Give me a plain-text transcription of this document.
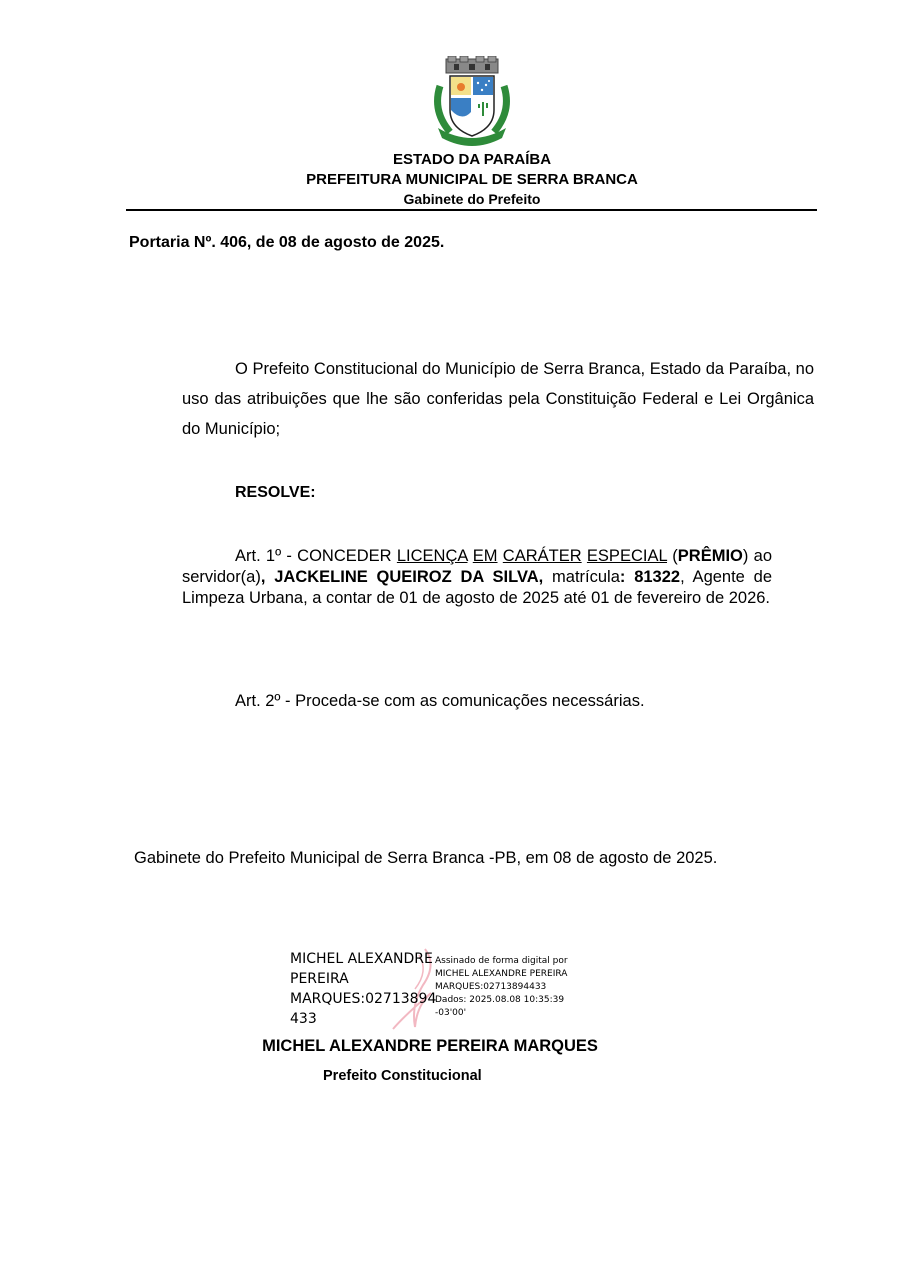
ESTADO DA PARAÍBA

PREFEITURA MUNICIPAL DE SERRA BRANCA

Gabinete do Prefeito

Portaria Nº. 406, de 08 de agosto de 2025.
O Prefeito Constitucional do Município de Serra Branca, Estado da Paraíba, no uso das atribuições que lhe são conferidas pela Constituição Federal e Lei Orgânica do Município;
RESOLVE:
Art. 1º - CONCEDER LICENÇA EM CARÁTER ESPECIAL (PRÊMIO) ao servidor(a), JACKELINE QUEIROZ DA SILVA, matrícula: 81322, Agente de Limpeza Urbana, a contar de 01 de agosto de 2025 até 01 de fevereiro de 2026.
Art. 2º - Proceda-se com as comunicações necessárias.
Gabinete do Prefeito Municipal de Serra Branca -PB, em 08 de agosto de 2025.
MICHEL ALEXANDRE
PEREIRA
MARQUES:02713894
433
Assinado de forma digital por
MICHEL ALEXANDRE PEREIRA
MARQUES:02713894433
Dados: 2025.08.08 10:35:39
-03'00'
MICHEL ALEXANDRE PEREIRA MARQUES
Prefeito Constitucional
